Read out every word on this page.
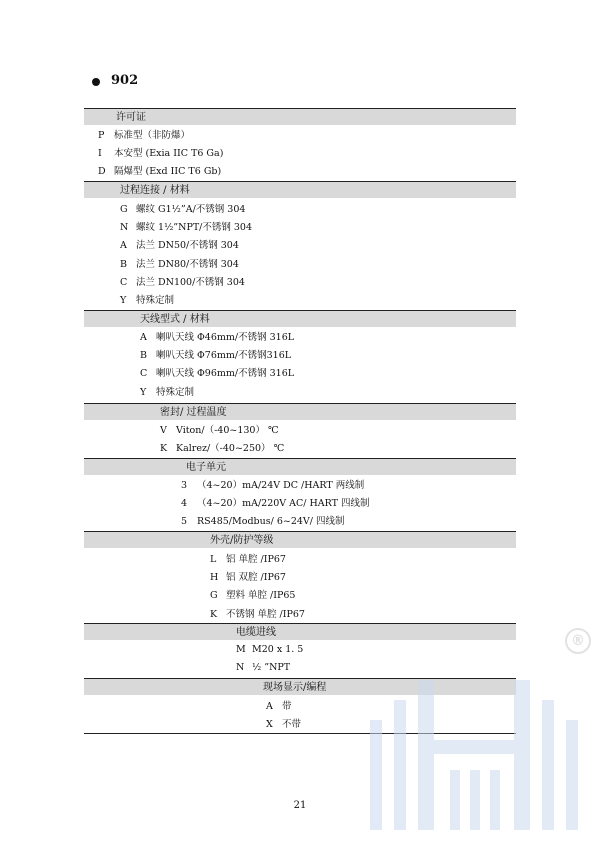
902
许可证
P 标准型（非防爆）
I 本安型 (Exia IIC T6 Ga)
D 隔爆型 (Exd IIC T6 Gb)
过程连接 / 材料
G 螺纹 G1½”A/不锈钢 304
N 螺纹 1½”NPT/不锈钢 304
A 法兰 DN50/不锈钢 304
B 法兰 DN80/不锈钢 304
C 法兰 DN100/不锈钢 304
Y 特殊定制
天线型式 / 材料
A 喇叭天线 Φ46mm/不锈钢 316L
B 喇叭天线 Φ76mm/不锈钢316L
C 喇叭天线 Φ96mm/不锈钢 316L
Y 特殊定制
密封/ 过程温度
V Viton/（-40~130） ℃
K Kalrez/（-40~250） ℃
电子单元
3 （4~20）mA/24V DC /HART 两线制
4 （4~20）mA/220V AC/ HART 四线制
5 RS485/Modbus/ 6~24V/ 四线制
外壳/防护等级
L 铝 单腔 /IP67
H 铝 双腔 /IP67
G 塑料 单腔 /IP65
K 不锈钢 单腔 /IP67
电缆进线
M M20 x 1. 5
N ½ ”NPT
现场显示/编程
A 带
X 不带
21
®
